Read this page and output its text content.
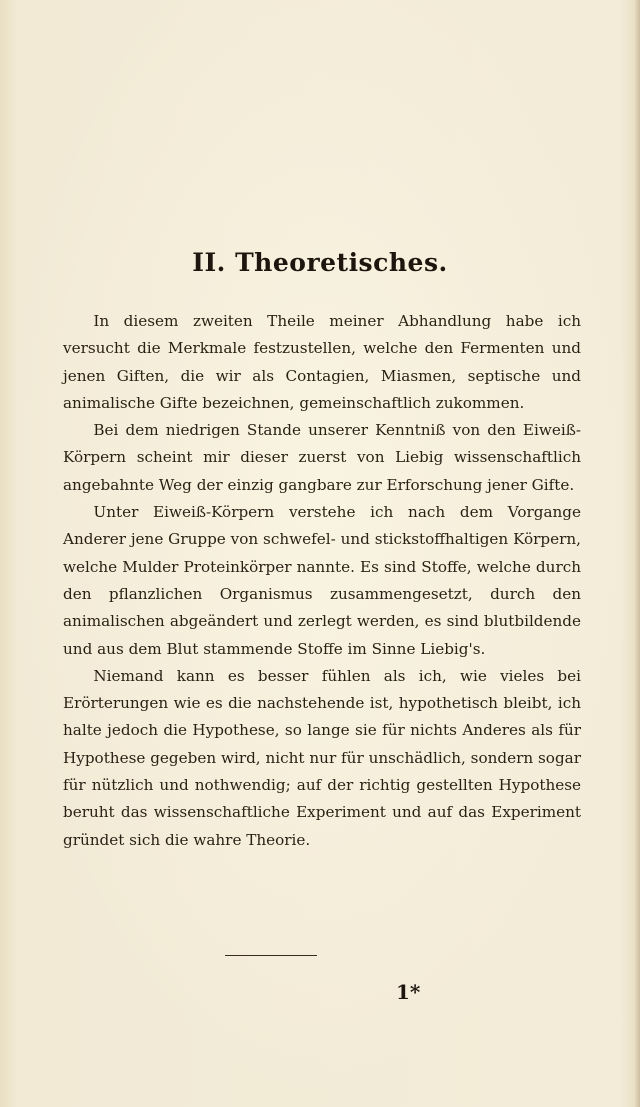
II. Theoretisches.

In diesem zweiten Theile meiner Abhandlung habe ich versucht die Merkmale festzustellen, welche den Fermenten und jenen Giften, die wir als Contagien, Miasmen, septische und animalische Gifte bezeichnen, gemeinschaftlich zukommen.

Bei dem niedrigen Stande unserer Kenntniß von den Eiweiß-Körpern scheint mir dieser zuerst von Liebig wissenschaftlich angebahnte Weg der einzig gangbare zur Erforschung jener Gifte.

Unter Eiweiß-Körpern verstehe ich nach dem Vorgange Anderer jene Gruppe von schwefel- und stickstoffhaltigen Körpern, welche Mulder Proteinkörper nannte. Es sind Stoffe, welche durch den pflanzlichen Organismus zusammengesetzt, durch den animalischen abgeändert und zerlegt werden, es sind blutbildende und aus dem Blut stammende Stoffe im Sinne Liebig's.

Niemand kann es besser fühlen als ich, wie vieles bei Erörterungen wie es die nachstehende ist, hypothetisch bleibt, ich halte jedoch die Hypothese, so lange sie für nichts Anderes als für Hypothese gegeben wird, nicht nur für unschädlich, sondern sogar für nützlich und nothwendig; auf der richtig gestellten Hypothese beruht das wissenschaftliche Experiment und auf das Experiment gründet sich die wahre Theorie.

1*
